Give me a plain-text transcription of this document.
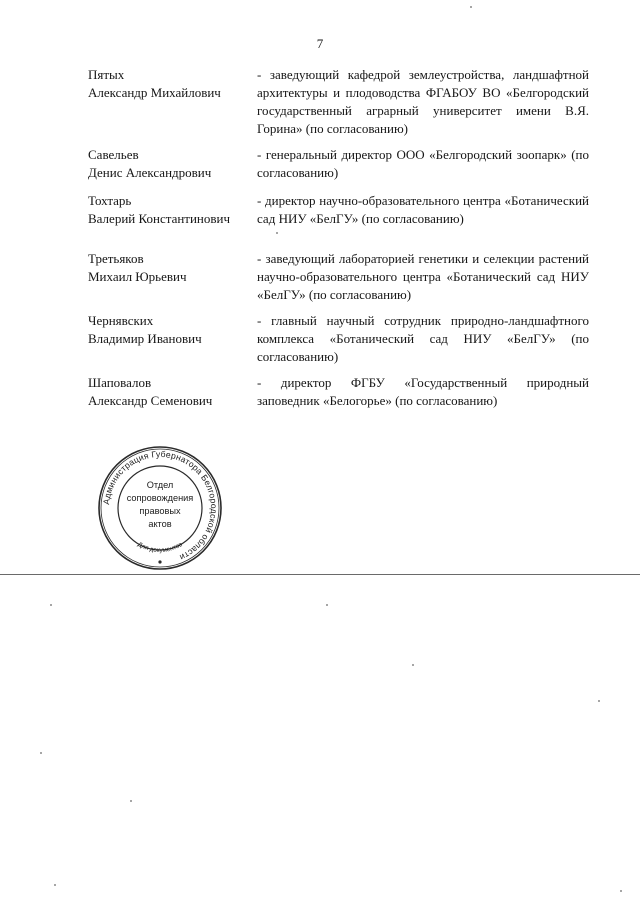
7
Пятых
Александр Михайлович
- заведующий кафедрой землеустройства, ландшафтной архитектуры и плодоводства ФГАБОУ ВО «Белгородский государственный аграрный университет имени В.Я. Горина» (по согласованию)
Савельев
Денис Александрович
- генеральный директор ООО «Белгородский зоопарк» (по согласованию)
Тохтарь
Валерий Константинович
- директор научно-образовательного центра «Ботанический сад НИУ «БелГУ» (по согласованию)
Третьяков
Михаил Юрьевич
- заведующий лабораторией генетики и селекции растений научно-образовательного центра «Ботанический сад НИУ «БелГУ» (по согласованию)
Чернявских
Владимир Иванович
- главный научный сотрудник природно-ландшафтного комплекса «Ботанический сад НИУ «БелГУ» (по согласованию)
Шаповалов
Александр Семенович
- директор ФГБУ «Государственный природный заповедник «Белогорье» (по согласованию)
Администрация Губернатора Белгородской области
Для документов
Отдел
сопровождения
правовых
актов
